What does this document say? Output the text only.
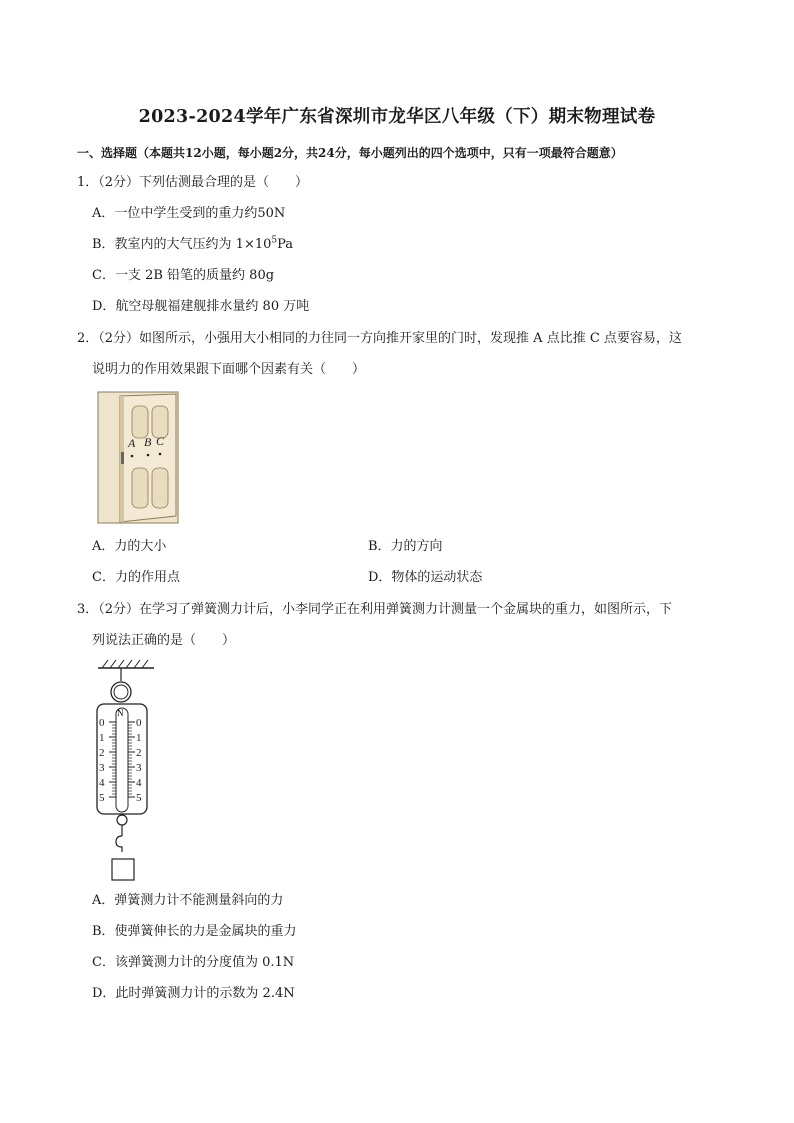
2023-2024学年广东省深圳市龙华区八年级（下）期末物理试卷
一、选择题（本题共12小题，每小题2分，共24分，每小题列出的四个选项中，只有一项最符合题意）
1．（2分）下列估测最合理的是（　　）
A．一位中学生受到的重力约50N
B．教室内的大气压约为 $1\times 10^5Pa$
C．一支 2B 铅笔的质量约 80g
D．航空母舰福建舰排水量约 80 万吨
2．（2分）如图所示，小强用大小相同的力往同一方向推开家里的门时，发现推 A 点比推 C 点要容易，这
说明力的作用效果跟下面哪个因素有关（　　）
A B C
A．力的大小	B．力的方向
C．力的作用点	D．物体的运动状态
3．（2分）在学习了弹簧测力计后，小李同学正在利用弹簧测力计测量一个金属块的重力，如图所示，下
列说法正确的是（　　）
N
0
1
2
3
4
5
0
1
2
3
4
5
A．弹簧测力计不能测量斜向的力
B．使弹簧伸长的力是金属块的重力
C．该弹簧测力计的分度值为 0.1N
D．此时弹簧测力计的示数为 2.4N
